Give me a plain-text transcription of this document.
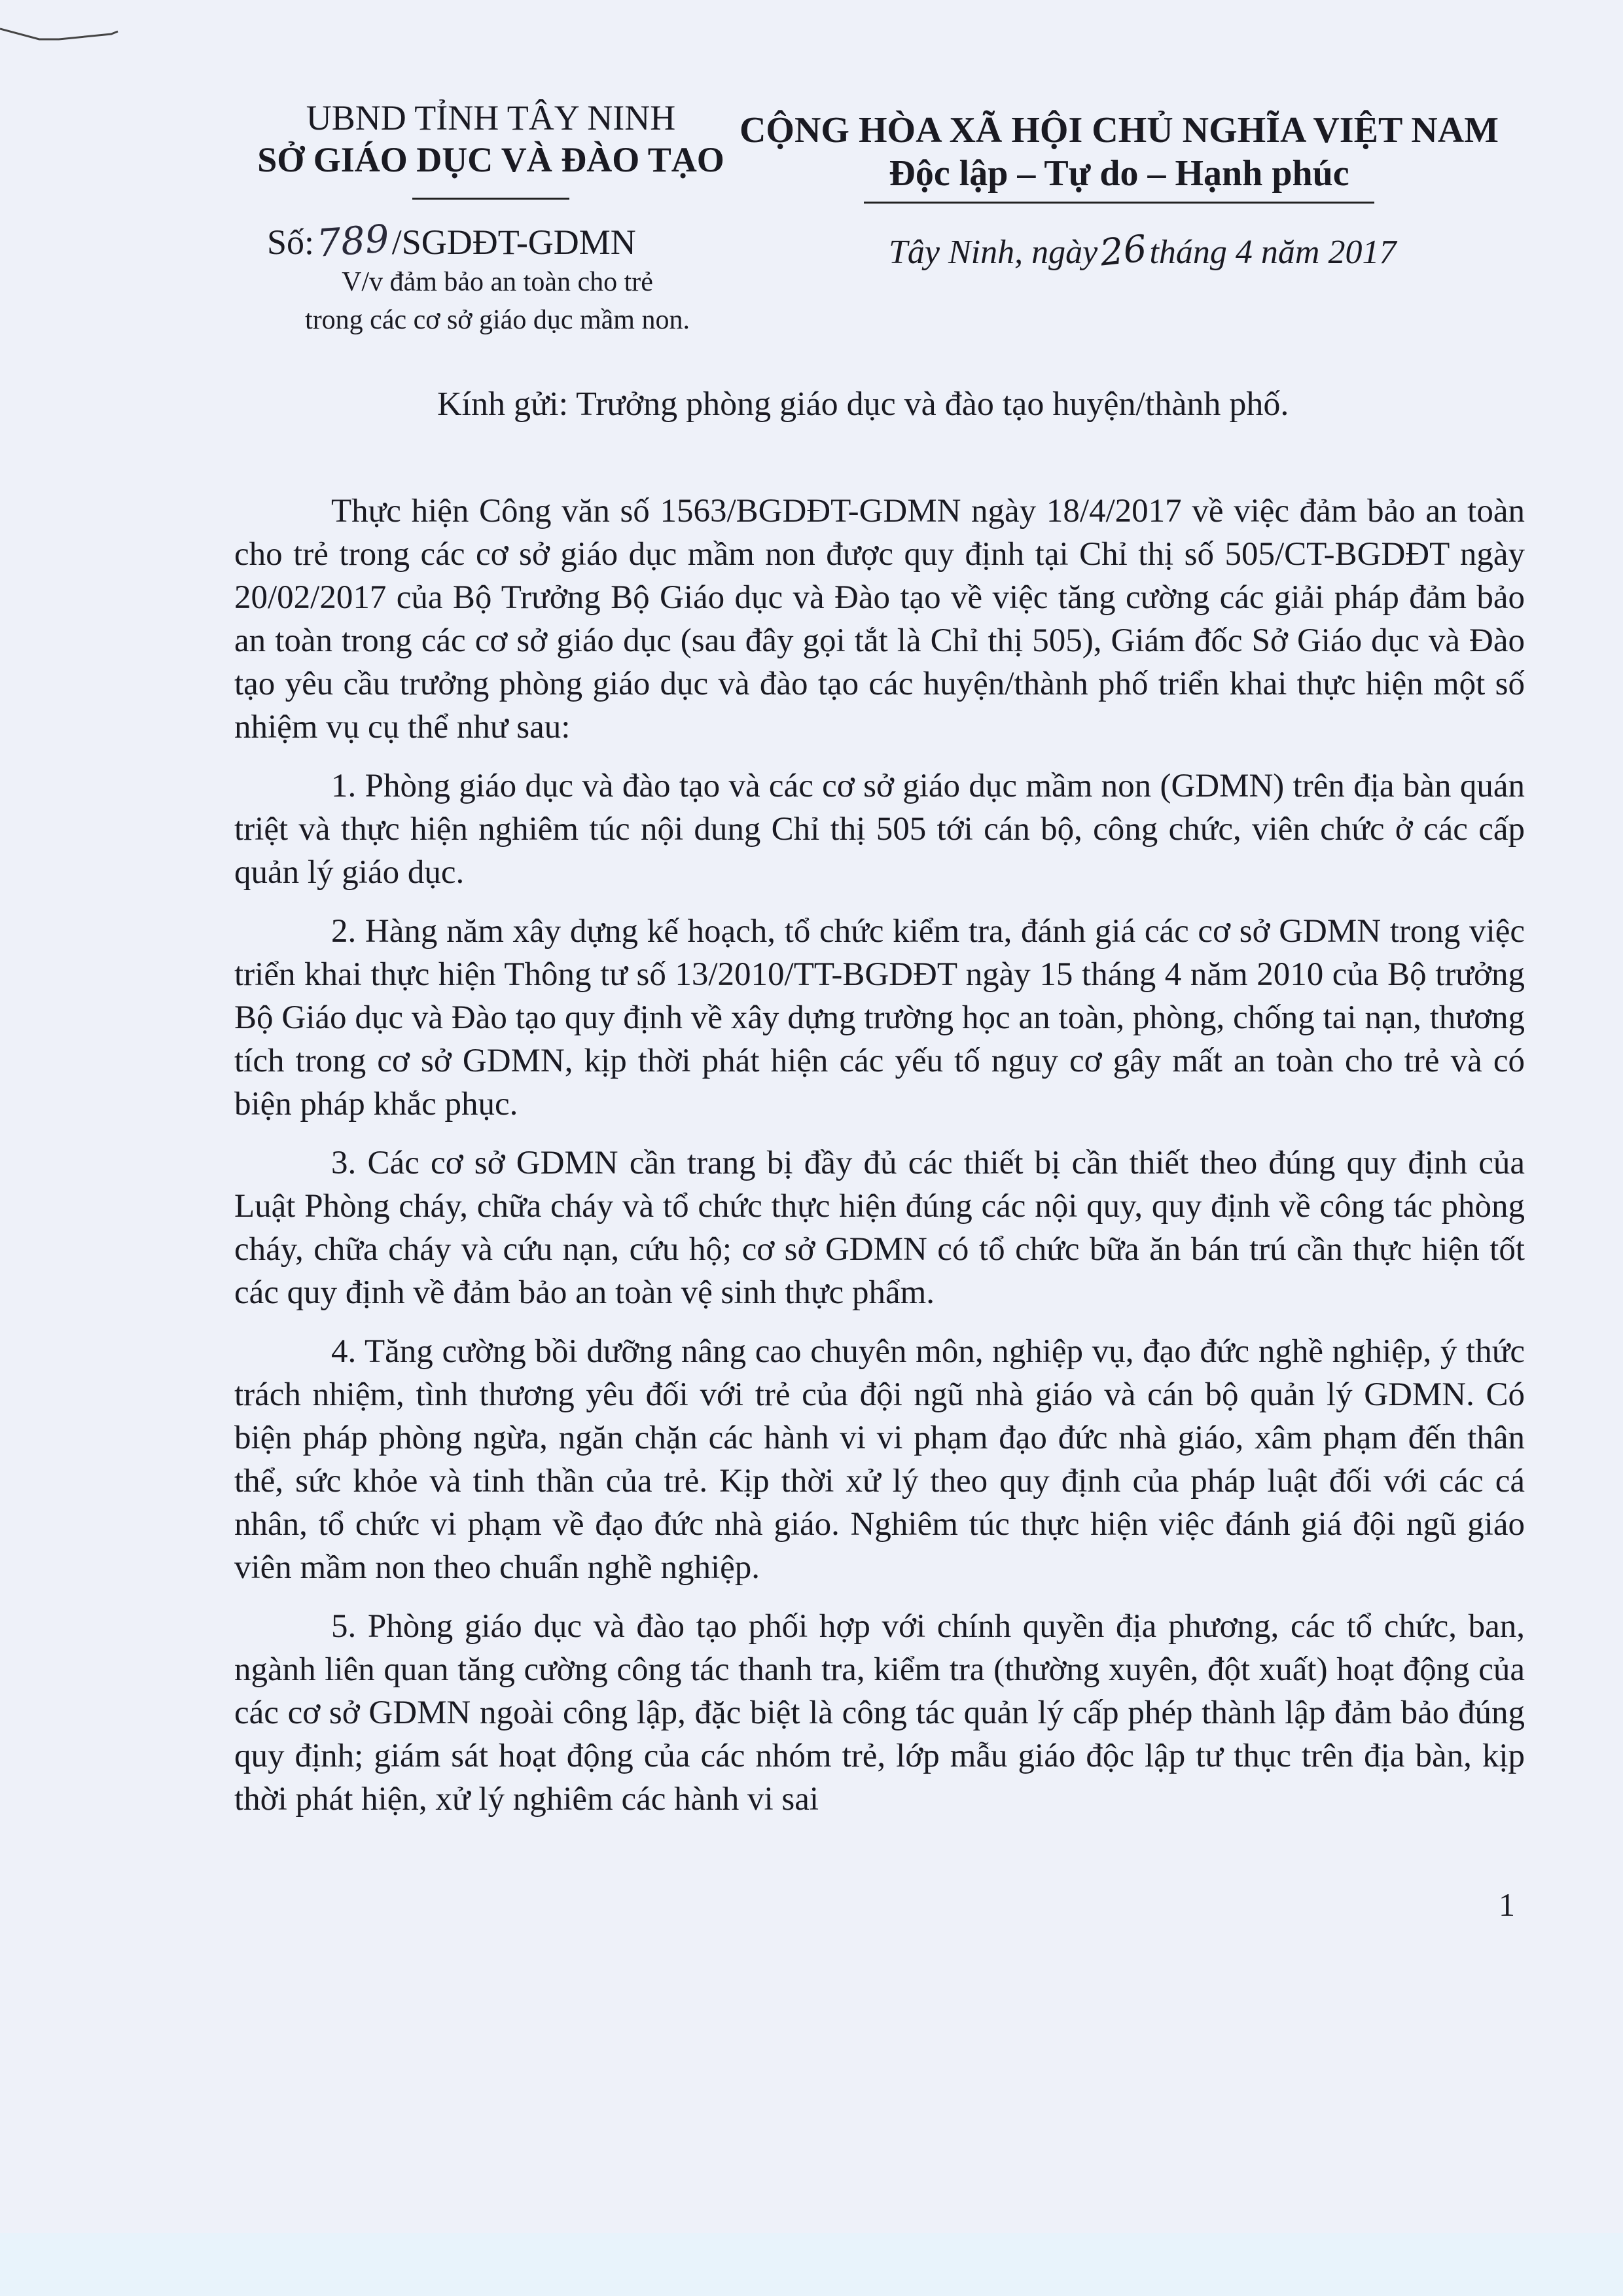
UBND TỈNH TÂY NINH
SỞ GIÁO DỤC VÀ ĐÀO TẠO
CỘNG HÒA XÃ HỘI CHỦ NGHĨA VIỆT NAM
Độc lập – Tự do – Hạnh phúc
Số:789/SGDĐT-GDMN
V/v đảm bảo an toàn cho trẻ
trong các cơ sở giáo dục mầm non.
Tây Ninh, ngày26tháng 4 năm 2017
Kính gửi: Trưởng phòng giáo dục và đào tạo huyện/thành phố.

Thực hiện Công văn số 1563/BGDĐT-GDMN ngày 18/4/2017 về việc đảm bảo an toàn cho trẻ trong các cơ sở giáo dục mầm non được quy định tại Chỉ thị số 505/CT-BGDĐT ngày 20/02/2017 của Bộ Trưởng Bộ Giáo dục và Đào tạo về việc tăng cường các giải pháp đảm bảo an toàn trong các cơ sở giáo dục (sau đây gọi tắt là Chỉ thị 505), Giám đốc Sở Giáo dục và Đào tạo yêu cầu trưởng phòng giáo dục và đào tạo các huyện/thành phố triển khai thực hiện một số nhiệm vụ cụ thể như sau:

1. Phòng giáo dục và đào tạo và các cơ sở giáo dục mầm non (GDMN) trên địa bàn quán triệt và thực hiện nghiêm túc nội dung Chỉ thị 505 tới cán bộ, công chức, viên chức ở các cấp quản lý giáo dục.

2. Hàng năm xây dựng kế hoạch, tổ chức kiểm tra, đánh giá các cơ sở GDMN trong việc triển khai thực hiện Thông tư số 13/2010/TT-BGDĐT ngày 15 tháng 4 năm 2010 của Bộ trưởng Bộ Giáo dục và Đào tạo quy định về xây dựng trường học an toàn, phòng, chống tai nạn, thương tích trong cơ sở GDMN, kịp thời phát hiện các yếu tố nguy cơ gây mất an toàn cho trẻ và có biện pháp khắc phục.

3. Các cơ sở GDMN cần trang bị đầy đủ các thiết bị cần thiết theo đúng quy định của Luật Phòng cháy, chữa cháy và tổ chức thực hiện đúng các nội quy, quy định về công tác phòng cháy, chữa cháy và cứu nạn, cứu hộ; cơ sở GDMN có tổ chức bữa ăn bán trú cần thực hiện tốt các quy định về đảm bảo an toàn vệ sinh thực phẩm.

4. Tăng cường bồi dưỡng nâng cao chuyên môn, nghiệp vụ, đạo đức nghề nghiệp, ý thức trách nhiệm, tình thương yêu đối với trẻ của đội ngũ nhà giáo và cán bộ quản lý GDMN. Có biện pháp phòng ngừa, ngăn chặn các hành vi vi phạm đạo đức nhà giáo, xâm phạm đến thân thể, sức khỏe và tinh thần của trẻ. Kịp thời xử lý theo quy định của pháp luật đối với các cá nhân, tổ chức vi phạm về đạo đức nhà giáo. Nghiêm túc thực hiện việc đánh giá đội ngũ giáo viên mầm non theo chuẩn nghề nghiệp.

5. Phòng giáo dục và đào tạo phối hợp với chính quyền địa phương, các tổ chức, ban, ngành liên quan tăng cường công tác thanh tra, kiểm tra (thường xuyên, đột xuất) hoạt động của các cơ sở GDMN ngoài công lập, đặc biệt là công tác quản lý cấp phép thành lập đảm bảo đúng quy định; giám sát hoạt động của các nhóm trẻ, lớp mẫu giáo độc lập tư thục trên địa bàn, kịp thời phát hiện, xử lý nghiêm các hành vi sai

1
